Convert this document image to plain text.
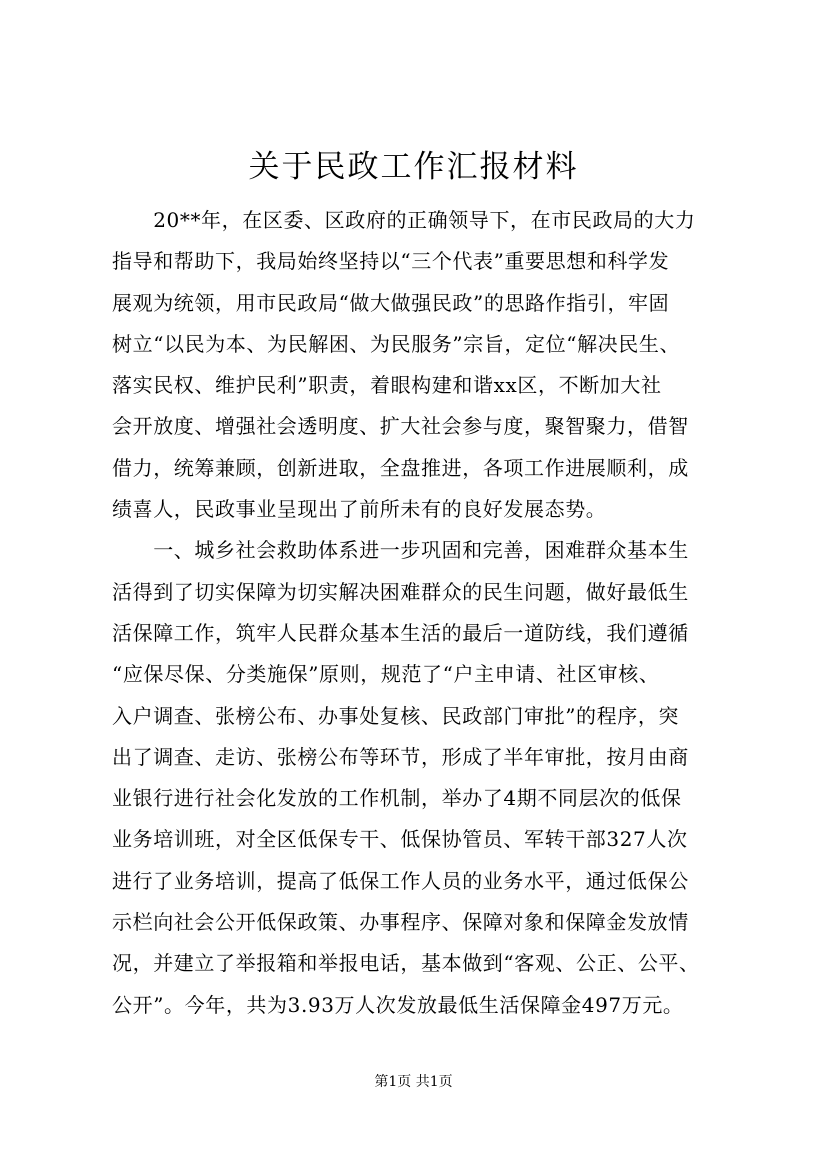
关于民政工作汇报材料
　　20**年，在区委、区政府的正确领导下，在市民政局的大力
指导和帮助下，我局始终坚持以“三个代表”重要思想和科学发
展观为统领，用市民政局“做大做强民政”的思路作指引，牢固
树立“以民为本、为民解困、为民服务”宗旨，定位“解决民生、
落实民权、维护民利”职责，着眼构建和谐xx区，不断加大社
会开放度、增强社会透明度、扩大社会参与度，聚智聚力，借智
借力，统筹兼顾，创新进取，全盘推进，各项工作进展顺利，成
绩喜人，民政事业呈现出了前所未有的良好发展态势。
　　一、城乡社会救助体系进一步巩固和完善，困难群众基本生
活得到了切实保障为切实解决困难群众的民生问题，做好最低生
活保障工作，筑牢人民群众基本生活的最后一道防线，我们遵循
“应保尽保、分类施保”原则，规范了“户主申请、社区审核、
入户调查、张榜公布、办事处复核、民政部门审批”的程序，突
出了调查、走访、张榜公布等环节，形成了半年审批，按月由商
业银行进行社会化发放的工作机制，举办了4期不同层次的低保
业务培训班，对全区低保专干、低保协管员、军转干部327人次
进行了业务培训，提高了低保工作人员的业务水平，通过低保公
示栏向社会公开低保政策、办事程序、保障对象和保障金发放情
况，并建立了举报箱和举报电话，基本做到“客观、公正、公平、
公开”。今年，共为3.93万人次发放最低生活保障金497万元。
第1页 共1页
